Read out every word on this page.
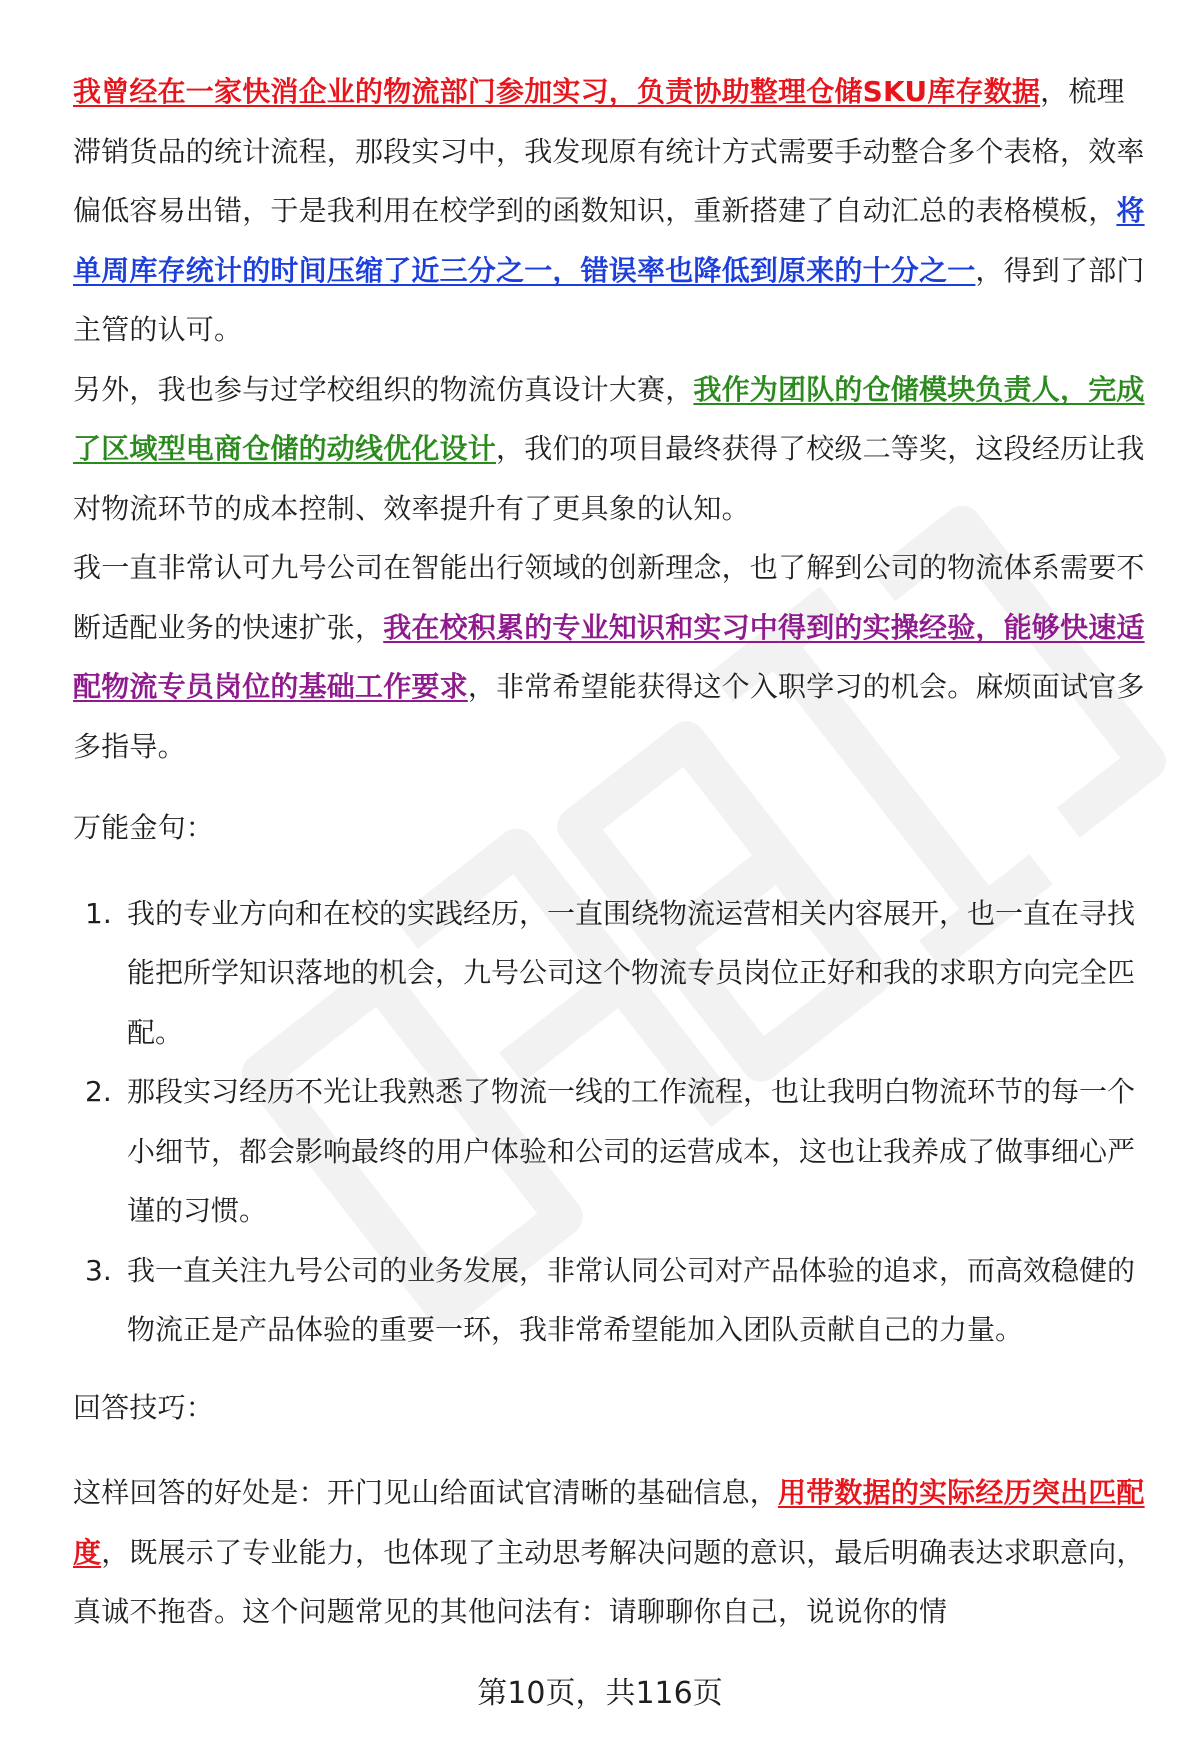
我曾经在一家快消企业的物流部门参加实习，负责协助整理仓储SKU库存数据，梳理滞销货品的统计流程，那段实习中，我发现原有统计方式需要手动整合多个表格，效率偏低容易出错，于是我利用在校学到的函数知识，重新搭建了自动汇总的表格模板，将单周库存统计的时间压缩了近三分之一，错误率也降低到原来的十分之一，得到了部门主管的认可。

另外，我也参与过学校组织的物流仿真设计大赛，我作为团队的仓储模块负责人，完成了区域型电商仓储的动线优化设计，我们的项目最终获得了校级二等奖，这段经历让我对物流环节的成本控制、效率提升有了更具象的认知。

我一直非常认可九号公司在智能出行领域的创新理念，也了解到公司的物流体系需要不断适配业务的快速扩张，我在校积累的专业知识和实习中得到的实操经验，能够快速适配物流专员岗位的基础工作要求，非常希望能获得这个入职学习的机会。麻烦面试官多多指导。

万能金句：

1. 我的专业方向和在校的实践经历，一直围绕物流运营相关内容展开，也一直在寻找能把所学知识落地的机会，九号公司这个物流专员岗位正好和我的求职方向完全匹配。
2. 那段实习经历不光让我熟悉了物流一线的工作流程，也让我明白物流环节的每一个小细节，都会影响最终的用户体验和公司的运营成本，这也让我养成了做事细心严谨的习惯。
3. 我一直关注九号公司的业务发展，非常认同公司对产品体验的追求，而高效稳健的物流正是产品体验的重要一环，我非常希望能加入团队贡献自己的力量。

回答技巧：

这样回答的好处是：开门见山给面试官清晰的基础信息，用带数据的实际经历突出匹配度，既展示了专业能力，也体现了主动思考解决问题的意识，最后明确表达求职意向，真诚不拖沓。这个问题常见的其他问法有：请聊聊你自己，说说你的情

第10页，共116页
